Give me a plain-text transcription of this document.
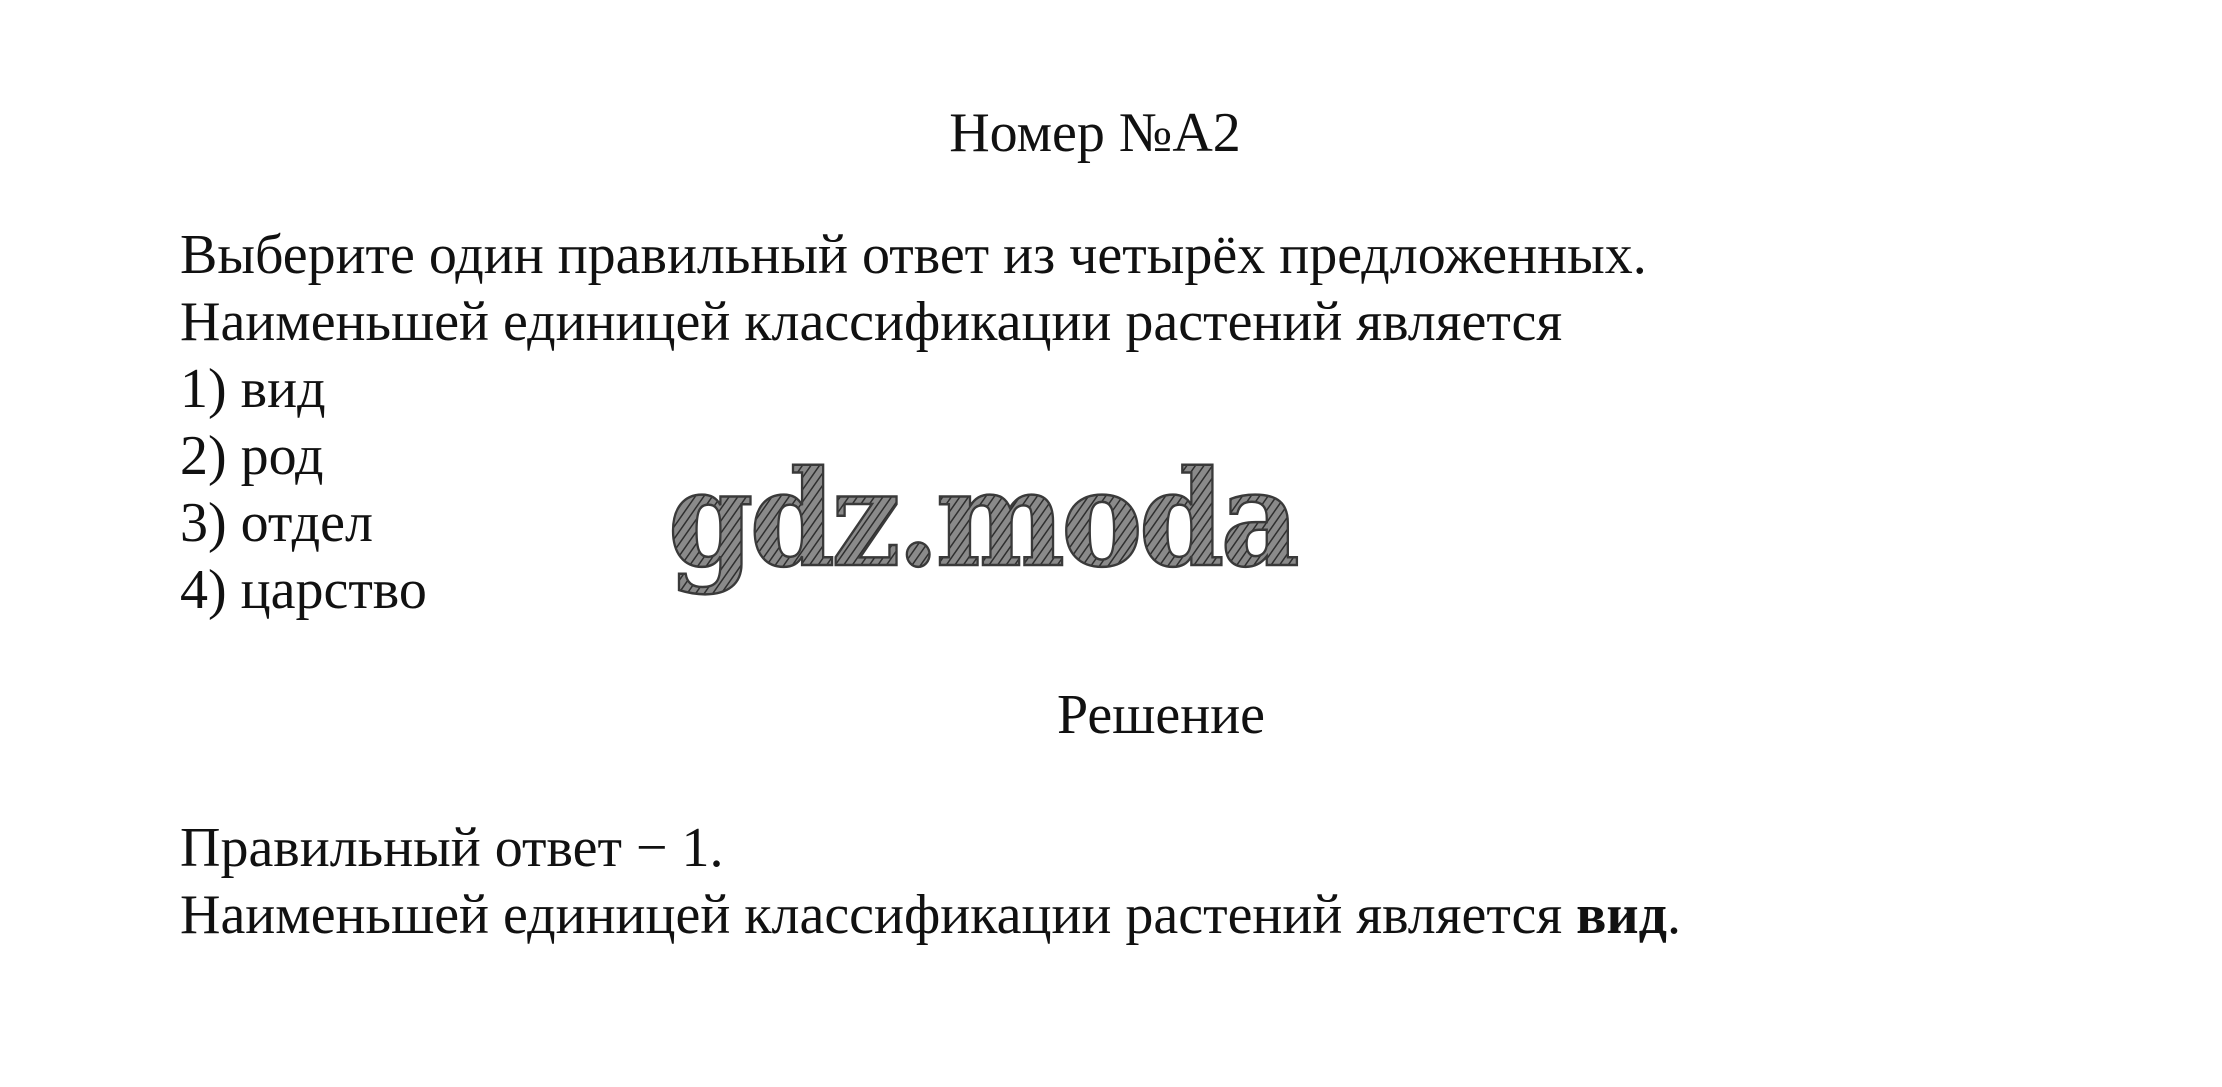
Номер №A2
Выберите один правильный ответ из четырёх предложенных.
Наименьшей единицей классификации растений является
1) вид
2) род
3) отдел
4) царство gdz.moda
Решение
Правильный ответ − 1.
Наименьшей единицей классификации растений является вид.
